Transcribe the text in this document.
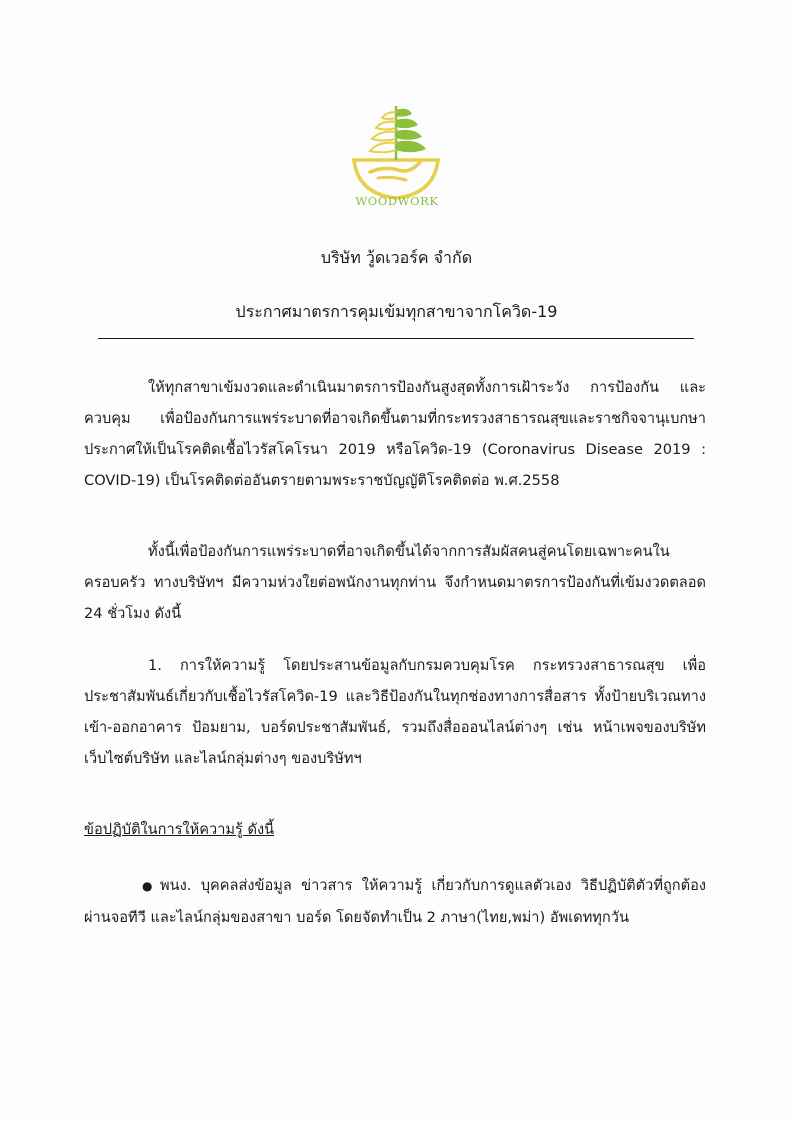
WOODWORK
บริษัท วู้ดเวอร์ค จำกัด
ประกาศมาตรการคุมเข้มทุกสาขาจากโควิด-19
ให้ทุกสาขาเข้มงวดและดำเนินมาตรการป้องกันสูงสุดทั้งการเฝ้าระวัง การป้องกัน และควบคุม เพื่อป้องกันการแพร่ระบาดที่อาจเกิดขึ้นตามที่กระทรวงสาธารณสุขและราชกิจจานุเบกษา ประกาศให้เป็นโรคติดเชื้อไวรัสโคโรนา 2019 หรือโควิด-19 (Coronavirus Disease 2019 : COVID-19) เป็นโรคติดต่ออันตรายตามพระราชบัญญัติโรคติดต่อ พ.ศ.2558
ทั้งนี้เพื่อป้องกันการแพร่ระบาดที่อาจเกิดขึ้นได้จากการสัมผัสคนสู่คนโดยเฉพาะคนในครอบครัว ทางบริษัทฯ มีความห่วงใยต่อพนักงานทุกท่าน จึงกำหนดมาตรการป้องกันที่เข้มงวดตลอด 24 ชั่วโมง ดังนี้
1. การให้ความรู้ โดยประสานข้อมูลกับกรมควบคุมโรค กระทรวงสาธารณสุข เพื่อประชาสัมพันธ์เกี่ยวกับเชื้อไวรัสโควิด-19 และวิธีป้องกันในทุกช่องทางการสื่อสาร ทั้งป้ายบริเวณทางเข้า-ออกอาคาร ป้อมยาม, บอร์ดประชาสัมพันธ์, รวมถึงสื่อออนไลน์ต่างๆ เช่น หน้าเพจของบริษัท เว็บไซต์บริษัท และไลน์กลุ่มต่างๆ ของบริษัทฯ
ข้อปฏิบัติในการให้ความรู้ ดังนี้
● พนง. บุคคลส่งข้อมูล ข่าวสาร ให้ความรู้ เกี่ยวกับการดูแลตัวเอง วิธีปฏิบัติตัวที่ถูกต้อง ผ่านจอทีวี และไลน์กลุ่มของสาขา บอร์ด โดยจัดทำเป็น 2 ภาษา(ไทย,พม่า) อัพเดททุกวัน
